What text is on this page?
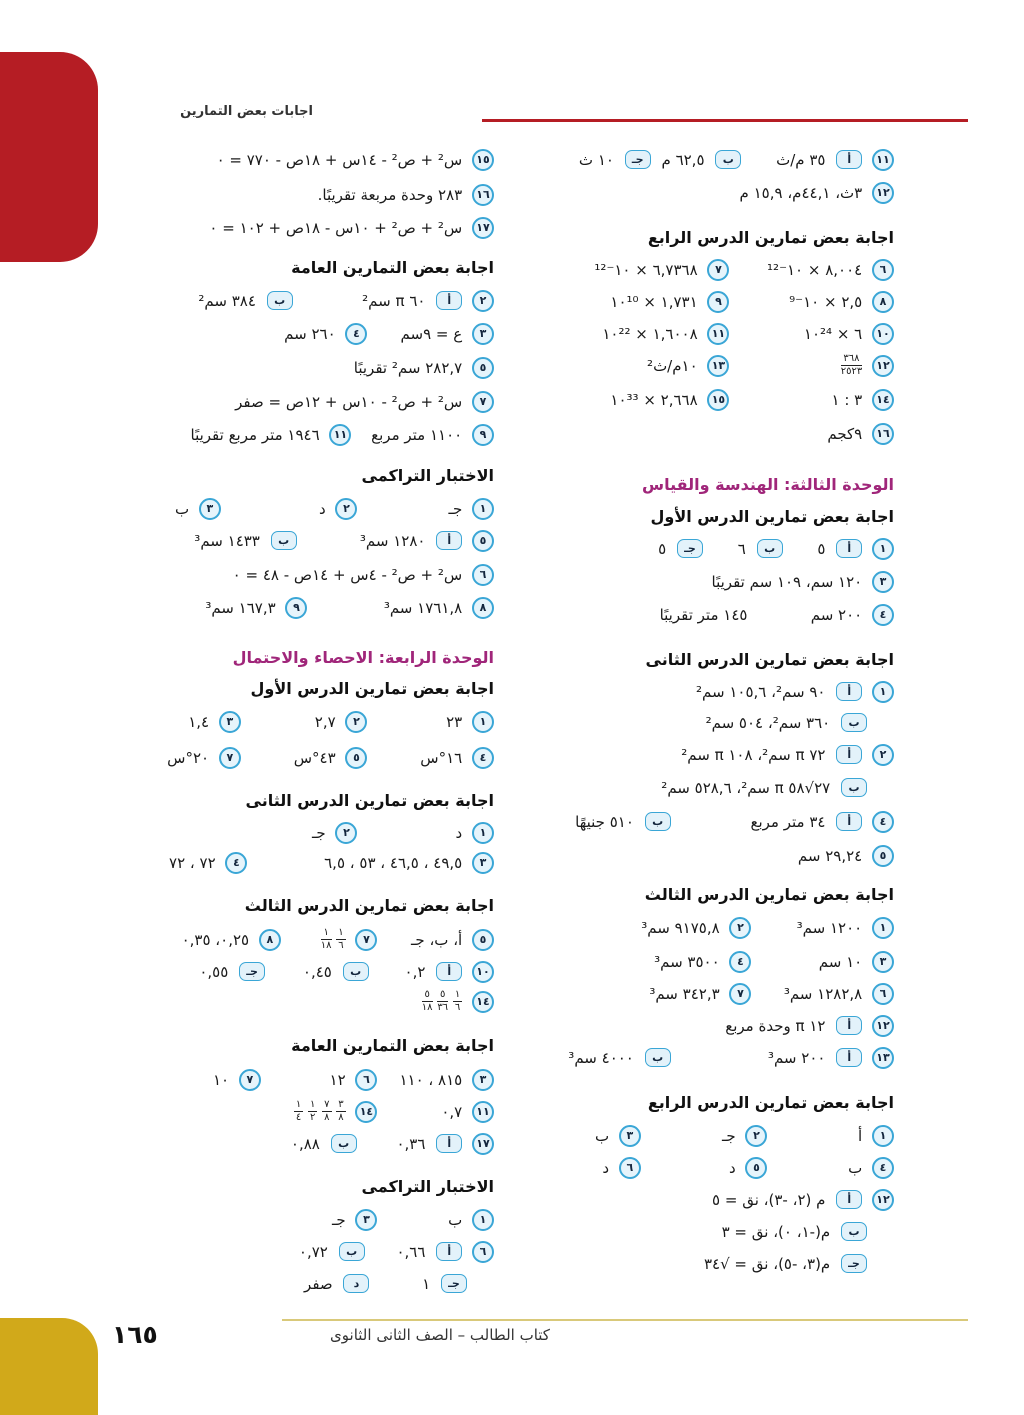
اجابات بعض التمارين
١٦٥	كتاب الطالب – الصف الثانى الثانوى
١١ أ ٣٥ م/ث ب ٦٢,٥ م جـ ١٠ ث
١٢ ٣ث، ٤٤,١م، ١٥,٩ م
اجابة بعض تمارين الدرس الرابع
٦ ٨,٠٠٤ × ١٠⁻¹² ٧ ٦,٧٣٦٨ × ١٠⁻¹²
٨ ٢,٥ × ١٠⁻⁹ ٩ ١,٧٣١ × ١٠¹⁰
١٠ ٦ × ١٠²⁴ ١١ ١,٦٠٠٨ × ١٠²²
١٢
$\frac{٣٦٨}{٢٥٢٣}$
١٣ ١٠م/ث²
١٤ ٣ : ١ ١٥ ٢,٦٦٨ × ١٠³³
١٦ ٩كجم
الوحدة الثالثة: الهندسة والقياس
اجابة بعض تمارين الدرس الأول
١ أ ٥ ب ٦ جـ ٥
٣ ١٢٠ سم، ١٠٩ سم تقريبًا
٤ ٢٠٠ سم ١٤٥ متر تقريبًا
اجابة بعض تمارين الدرس الثانى
١ أ ٩٠ سم²، ١٠٥,٦ سم²
ب ٣٦٠ سم²، ٥٠٤ سم²
٢ أ ٧٢ π سم²، ١٠٨ π سم²
ب ٢٧√٥٨ π سم²، ٥٢٨,٦ سم²
٤ أ ٣٤ متر مربع ب ٥١٠ جنيهًا
٥ ٢٩,٢٤ سم
اجابة بعض تمارين الدرس الثالث
١ ١٢٠٠ سم³ ٢ ٩١٧٥,٨ سم³
٣ ١٠ سم ٤ ٣٥٠٠ سم³
٦ ١٢٨٢,٨ سم³ ٧ ٣٤٢,٣ سم³
١٢ أ ١٢ π وحدة مربع
١٣ أ ٢٠٠ سم³ ب ٤٠٠٠ سم³
اجابة بعض تمارين الدرس الرابع
١ أ ٢ جـ ٣ ب
٤ ب ٥ د ٦ د
١٢ أ م (٢، -٣)، نق = ٥
ب م(-١، ٠)، نق = ٣
جـ م(٣، -٥)، نق = √٣٤
١٥ س² + ص² - ١٤س + ١٨ص - ٧٧٠ = ٠
١٦ ٢٨٣ وحدة مربعة تقريبًا.
١٧ س² + ص² + ١٠س - ١٨ص + ١٠٢ = ٠
اجابة بعض التمارين العامة
٢ أ ٦٠ π سم² ب ٣٨٤ سم²
٣ ع = ٩سم ٤ ٢٦٠ سم
٥ ٢٨٢,٧ سم² تقريبًا
٧ س² + ص² - ١٠س + ١٢ص = صفر
٩ ١١٠٠ متر مربع ١١ ١٩٤٦ متر مربع تقريبًا
الاختبار التراكمى
١ جـ ٢ د ٣ ب
٥ أ ١٢٨٠ سم³ ب ١٤٣٣ سم³
٦ س² + ص² - ٤س + ١٤ص - ٤٨ = ٠
٨ ١٧٦١,٨ سم³ ٩ ١٦٧,٣ سم³
الوحدة الرابعة: الاحصاء والاحتمال
اجابة بعض تمارين الدرس الأول
١ ٢٣ ٢ ٢,٧ ٣ ١,٤
٤ ١٦°س ٥ ٤٣°س ٧ ٢٠°س
اجابة بعض تمارين الدرس الثانى
١ د ٢ جـ
٣ ٤٩,٥ ، ٤٦,٥ ، ٥٣ ، ٦,٥ ٤ ٧٢ ، ٧٢
اجابة بعض تمارين الدرس الثالث
٥ أ، ب، جـ ٧
$\frac{١}{٦}$

$\frac{١}{١٨}$
٨ ٠,٢٥، ٠,٣٥
١٠ أ ٠,٢ ب ٠,٤٥ جـ ٠,٥٥
١٤
$\frac{١}{٦}$

$\frac{٥}{٣٦}$

$\frac{٥}{١٨}$
اجابة بعض التمارين العامة
٣ ٨١٥ ، ١١٠ ٦ ١٢ ٧ ١٠
١١ ٠,٧ ١٤
$\frac{٣}{٨}$

$\frac{٧}{٨}$

$\frac{١}{٢}$

$\frac{١}{٤}$
١٧ أ ٠,٣٦ ب ٠,٨٨
الاختبار التراكمى
١ ب ٣ جـ
٦ أ ٠,٦٦ ب ٠,٧٢
جـ ١ د صفر
